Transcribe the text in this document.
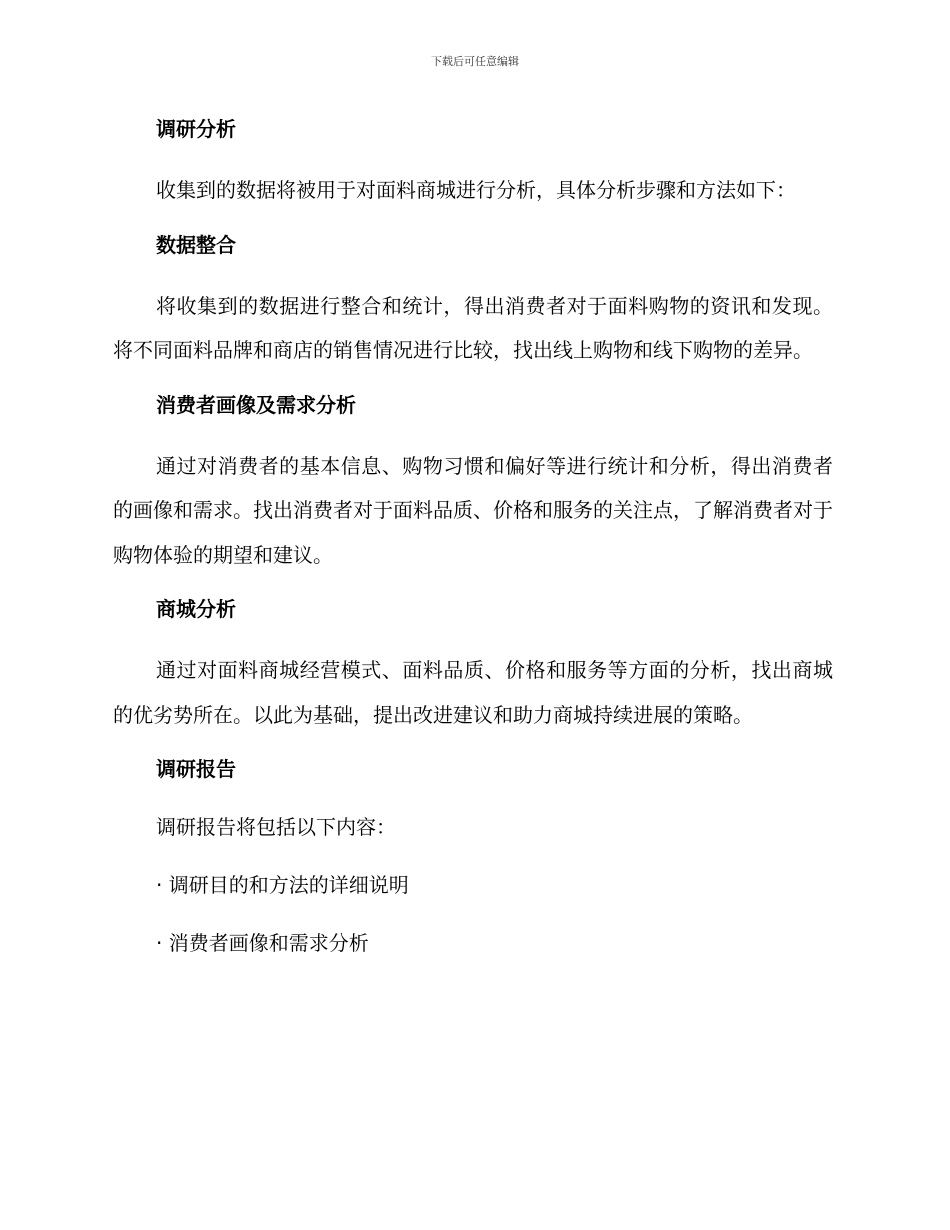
下载后可任意编辑
调研分析

收集到的数据将被用于对面料商城进行分析，具体分析步骤和方法如下：

数据整合

将收集到的数据进行整合和统计，得出消费者对于面料购物的资讯和发现。将不同面料品牌和商店的销售情况进行比较，找出线上购物和线下购物的差异。

消费者画像及需求分析

通过对消费者的基本信息、购物习惯和偏好等进行统计和分析，得出消费者的画像和需求。找出消费者对于面料品质、价格和服务的关注点，了解消费者对于购物体验的期望和建议。

商城分析

通过对面料商城经营模式、面料品质、价格和服务等方面的分析，找出商城的优劣势所在。以此为基础，提出改进建议和助力商城持续进展的策略。

调研报告
调研报告将包括以下内容：
· 调研目的和方法的详细说明
· 消费者画像和需求分析
